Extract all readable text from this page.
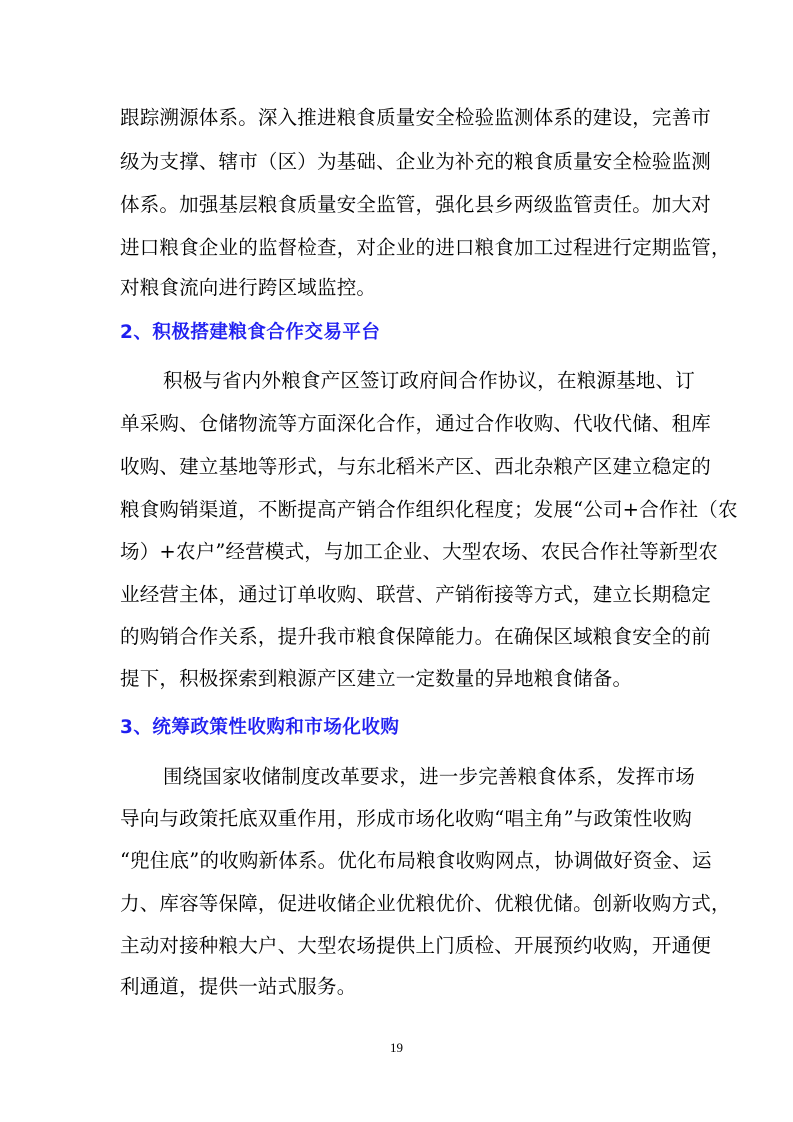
跟踪溯源体系。深入推进粮食质量安全检验监测体系的建设，完善市
级为支撑、辖市（区）为基础、企业为补充的粮食质量安全检验监测
体系。加强基层粮食质量安全监管，强化县乡两级监管责任。加大对
进口粮食企业的监督检查，对企业的进口粮食加工过程进行定期监管，
对粮食流向进行跨区域监控。
2、积极搭建粮食合作交易平台
积极与省内外粮食产区签订政府间合作协议，在粮源基地、订
单采购、仓储物流等方面深化合作，通过合作收购、代收代储、租库
收购、建立基地等形式，与东北稻米产区、西北杂粮产区建立稳定的
粮食购销渠道，不断提高产销合作组织化程度；发展“公司+合作社（农
场）+农户”经营模式，与加工企业、大型农场、农民合作社等新型农
业经营主体，通过订单收购、联营、产销衔接等方式，建立长期稳定
的购销合作关系，提升我市粮食保障能力。在确保区域粮食安全的前
提下，积极探索到粮源产区建立一定数量的异地粮食储备。
3、统筹政策性收购和市场化收购
围绕国家收储制度改革要求，进一步完善粮食体系，发挥市场
导向与政策托底双重作用，形成市场化收购“唱主角”与政策性收购
“兜住底”的收购新体系。优化布局粮食收购网点，协调做好资金、运
力、库容等保障，促进收储企业优粮优价、优粮优储。创新收购方式，
主动对接种粮大户、大型农场提供上门质检、开展预约收购，开通便
利通道，提供一站式服务。
19
